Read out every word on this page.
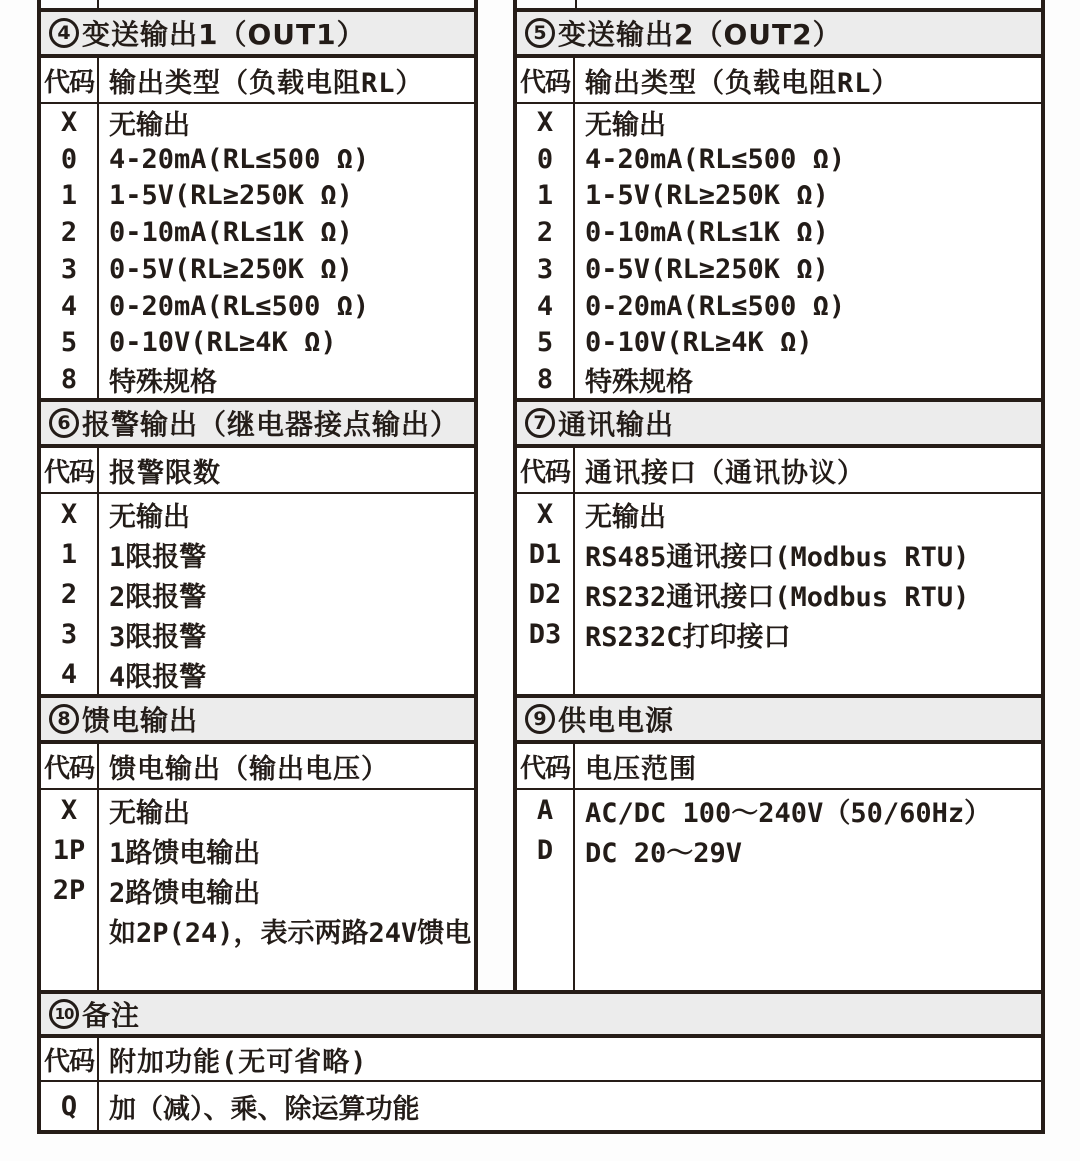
4 变送输出1（OUT1）
代码 输出类型（负载电阻RL）
X
0
1
2
3
4
5
8
无输出
4-20mA(RL≤500 Ω)
1-5V(RL≥250K Ω)
0-10mA(RL≤1K Ω)
0-5V(RL≥250K Ω)
0-20mA(RL≤500 Ω)
0-10V(RL≥4K Ω)
特殊规格
5 变送输出2（OUT2）
代码 输出类型（负载电阻RL）
X
0
1
2
3
4
5
8
无输出
4-20mA(RL≤500 Ω)
1-5V(RL≥250K Ω)
0-10mA(RL≤1K Ω)
0-5V(RL≥250K Ω)
0-20mA(RL≤500 Ω)
0-10V(RL≥4K Ω)
特殊规格
6 报警输出（继电器接点输出）
代码 报警限数
X
1
2
3
4
无输出
1限报警
2限报警
3限报警
4限报警
7 通讯输出
代码 通讯接口（通讯协议）
X
D1
D2
D3
无输出
RS485通讯接口(Modbus RTU)
RS232通讯接口(Modbus RTU)
RS232C打印接口
8 馈电输出
代码 馈电输出（输出电压）
X
1P
2P
无输出
1路馈电输出
2路馈电输出
如2P(24)，表示两路24V馈电
9 供电电源
代码 电压范围
A
D
AC/DC 100～240V（50/60Hz）
DC 20～29V
10 备注
代码 附加功能(无可省略)
Q	加（减）、乘、除运算功能
